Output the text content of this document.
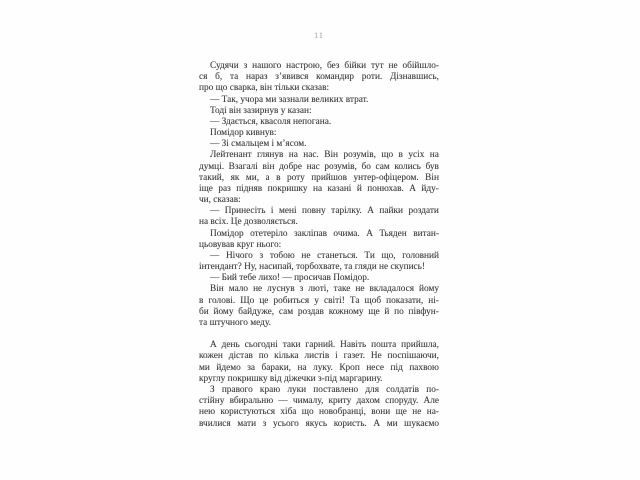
11
Судячи з нашого настрою, без бійки тут не обійшло-
ся б, та нараз з’явився командир роти. Дізнавшись,
про що сварка, він тільки сказав:
— Так, учора ми зазнали великих втрат.
Тоді він зазирнув у казан:
— Здається, квасоля непогана.
Помідор кивнув:
— Зі смальцем і м’ясом.
Лейтенант глянув на нас. Він розумів, що в усіх на
думці. Взагалі він добре нас розумів, бо сам колись був
такий, як ми, а в роту прийшов унтер-офіцером. Він
іще раз підняв покришку на казані й понюхав. А йду-
чи, сказав:
— Принесіть і мені повну тарілку. А пайки роздати
на всіх. Це дозволяється.
Помідор отетеріло закліпав очима. А Тьяден витан-
цьовував круг нього:
— Нічого з тобою не станеться. Ти що, головний
інтендант? Ну, насипай, торбохвате, та гляди не скупись!
— Бий тебе лихо! — просичав Помідор.
Він мало не луснув з люті, таке не вкладалося йому
в голові. Що це робиться у світі! Та щоб показати, ні-
би йому байдуже, сам роздав кожному ще й по півфун-
та штучного меду.
А день сьогодні таки гарний. Навіть пошта прийшла,
кожен дістав по кілька листів і газет. Не поспішаючи,
ми йдемо за бараки, на луку. Кроп несе під пахвою
круглу покришку від діжечки з-під маргарину.
З правого краю луки поставлено для солдатів по-
стійну вбиральню — чималу, криту дахом споруду. Але
нею користуються хіба що новобранці, вони ще не на-
вчилися мати з усього якусь користь. А ми шукаємо
